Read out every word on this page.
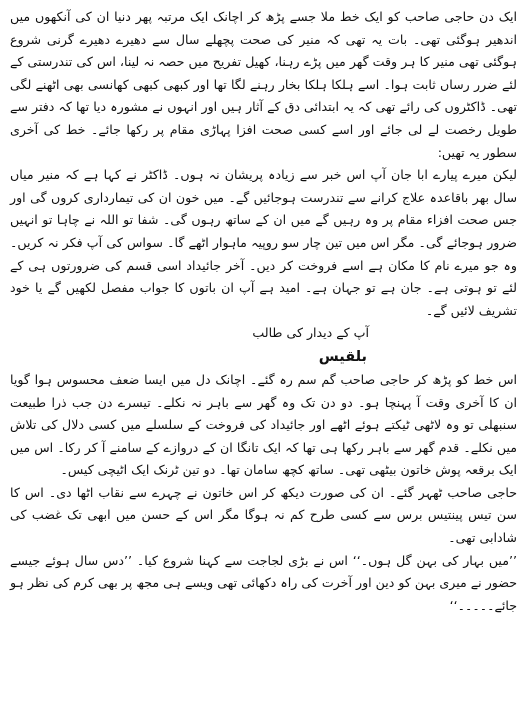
ایک دن حاجی صاحب کو ایک خط ملا جسے پڑھ کر اچانک ایک مرتبہ پھر دنیا ان کی آنکھوں میں اندھیر ہوگئی تھی۔ بات یہ تھی کہ منیر کی صحت پچھلے سال سے دھیرے دھیرے گرنی شروع ہوگئی تھی منیر کا ہر وقت گھر میں پڑے رہنا، کھیل تفریح میں حصہ نہ لینا، اس کی تندرستی کے لئے ضرر رساں ثابت ہوا۔ اسے ہلکا ہلکا بخار رہنے لگا تھا اور کبھی کبھی کھانسی بھی اٹھنے لگی تھی۔ ڈاکٹروں کی رائے تھی کہ یہ ابتدائی دق کے آثار ہیں اور انہوں نے مشورہ دیا تھا کہ دفتر سے طویل رخصت لے لی جائے اور اسے کسی صحت افزا پہاڑی مقام پر رکھا جائے۔ خط کی آخری سطور یہ تھیں:

لیکن میرے پیارے ابا جان آپ اس خبر سے زیادہ پریشان نہ ہوں۔ ڈاکٹر نے کہا ہے کہ منیر میاں سال بھر باقاعدہ علاج کرانے سے تندرست ہوجائیں گے۔ میں خون ان کی تیمارداری کروں گی اور جس صحت افزاء مقام پر وہ رہیں گے میں ان کے ساتھ رہوں گی۔ شفا تو اللہ نے چاہا تو انہیں ضرور ہوجائے گی۔ مگر اس میں تین چار سو روپیہ ماہوار اٹھے گا۔ سواس کی آپ فکر نہ کریں۔ وہ جو میرے نام کا مکان ہے اسے فروخت کر دیں۔ آخر جائیداد اسی قسم کی ضرورتوں ہی کے لئے تو ہوتی ہے۔ جان ہے تو جہان ہے۔ امید ہے آپ ان باتوں کا جواب مفصل لکھیں گے یا خود تشریف لائیں گے۔

آپ کے دیدار کی طالب

بلقیس

اس خط کو پڑھ کر حاجی صاحب گم سم رہ گئے۔ اچانک دل میں ایسا ضعف محسوس ہوا گویا ان کا آخری وقت آ پہنچا ہو۔ دو دن تک وہ گھر سے باہر نہ نکلے۔ تیسرے دن جب ذرا طبیعت سنبھلی تو وہ لاٹھی ٹیکتے ہوئے اٹھے اور جائیداد کی فروخت کے سلسلے میں کسی دلال کی تلاش میں نکلے۔ قدم گھر سے باہر رکھا ہی تھا کہ ایک تانگا ان کے دروازے کے سامنے آ کر رکا۔ اس میں ایک برقعہ پوش خاتون بیٹھی تھی۔ ساتھ کچھ سامان تھا۔ دو تین ٹرنک ایک اٹیچی کیس۔

حاجی صاحب ٹھہر گئے۔ ان کی صورت دیکھ کر اس خاتون نے چہرے سے نقاب اٹھا دی۔ اس کا سن تیس پینتیس برس سے کسی طرح کم نہ ہوگا مگر اس کے حسن میں ابھی تک غضب کی شادابی تھی۔

’’میں بہار کی بہن گل ہوں۔‘‘ اس نے بڑی لجاجت سے کہنا شروع کیا۔ ’’دس سال ہوئے جیسے حضور نے میری بہن کو دین اور آخرت کی راہ دکھائی تھی ویسے ہی مجھ پر بھی کرم کی نظر ہو جائے۔۔۔۔۔‘‘
